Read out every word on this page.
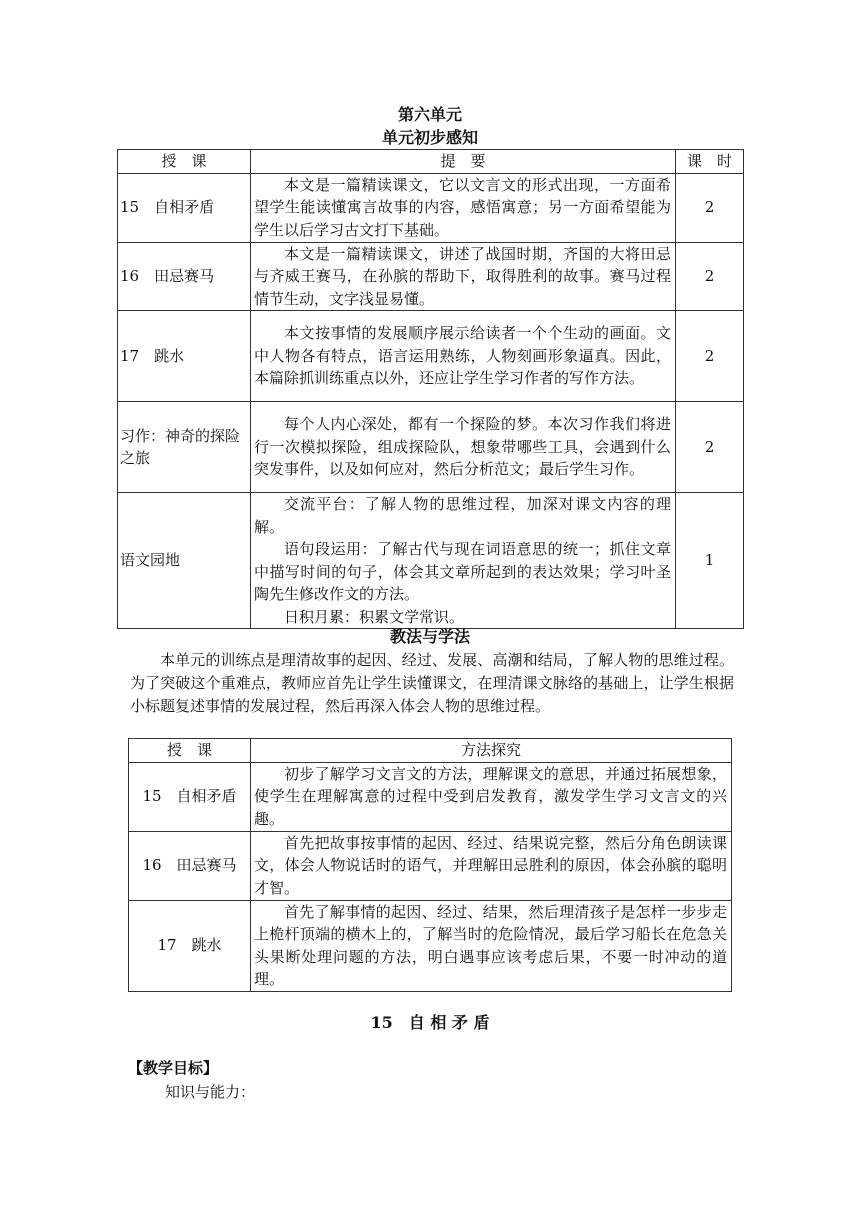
第六单元
单元初步感知
授　课	提　要	课　时
15　自相矛盾	本文是一篇精读课文，它以文言文的形式出现，一方面希望学生能读懂寓言故事的内容，感悟寓意；另一方面希望能为学生以后学习古文打下基础。	2
16　田忌赛马	本文是一篇精读课文，讲述了战国时期，齐国的大将田忌与齐威王赛马，在孙膑的帮助下，取得胜利的故事。赛马过程情节生动，文字浅显易懂。	2
17　跳水	本文按事情的发展顺序展示给读者一个个生动的画面。文中人物各有特点，语言运用熟练，人物刻画形象逼真。因此，本篇除抓训练重点以外，还应让学生学习作者的写作方法。	2
习作：神奇的探险之旅	每个人内心深处，都有一个探险的梦。本次习作我们将进行一次模拟探险，组成探险队，想象带哪些工具，会遇到什么突发事件，以及如何应对，然后分析范文；最后学生习作。	2
语文园地	交流平台：了解人物的思维过程，加深对课文内容的理解。

语句段运用：了解古代与现在词语意思的统一；抓住文章中描写时间的句子，体会其文章所起到的表达效果；学习叶圣陶先生修改作文的方法。

日积月累：积累文学常识。	1
教法与学法
本单元的训练点是理清故事的起因、经过、发展、高潮和结局，了解人物的思维过程。为了突破这个重难点，教师应首先让学生读懂课文，在理清课文脉络的基础上，让学生根据小标题复述事情的发展过程，然后再深入体会人物的思维过程。
授　课	方法探究
15　自相矛盾	初步了解学习文言文的方法，理解课文的意思，并通过拓展想象，使学生在理解寓意的过程中受到启发教育，激发学生学习文言文的兴趣。

16　田忌赛马	首先把故事按事情的起因、经过、结果说完整，然后分角色朗读课文，体会人物说话时的语气，并理解田忌胜利的原因，体会孙膑的聪明才智。

17　跳水	首先了解事情的起因、经过、结果，然后理清孩子是怎样一步步走上桅杆顶端的横木上的，了解当时的危险情况，最后学习船长在危急关头果断处理问题的方法，明白遇事应该考虑后果，不要一时冲动的道理。

15　自 相 矛 盾
【教学目标】
知识与能力：
